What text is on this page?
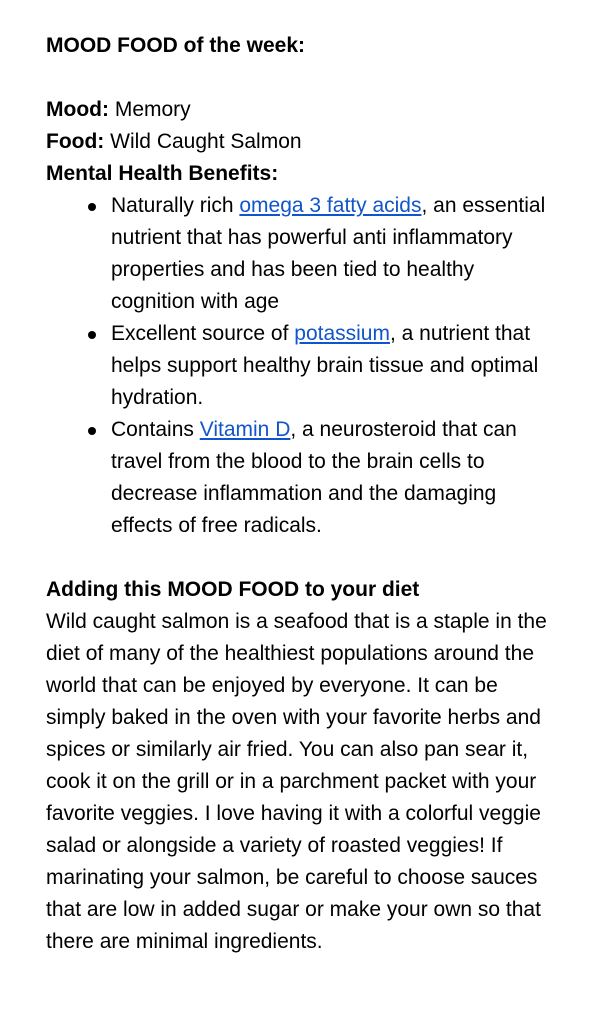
MOOD FOOD of the week:

Mood: Memory

Food: Wild Caught Salmon

Mental Health Benefits:

Naturally rich omega 3 fatty acids, an essential nutrient that has powerful anti inflammatory properties and has been tied to healthy cognition with age
Excellent source of potassium, a nutrient that helps support healthy brain tissue and optimal hydration.
Contains Vitamin D, a neurosteroid that can travel from the blood to the brain cells to decrease inflammation and the damaging effects of free radicals.

Adding this MOOD FOOD to your diet

Wild caught salmon is a seafood that is a staple in the diet of many of the healthiest populations around the world that can be enjoyed by everyone. It can be simply baked in the oven with your favorite herbs and spices or similarly air fried. You can also pan sear it, cook it on the grill or in a parchment packet with your favorite veggies. I love having it with a colorful veggie salad or alongside a variety of roasted veggies! If marinating your salmon, be careful to choose sauces that are low in added sugar or make your own so that there are minimal ingredients.
